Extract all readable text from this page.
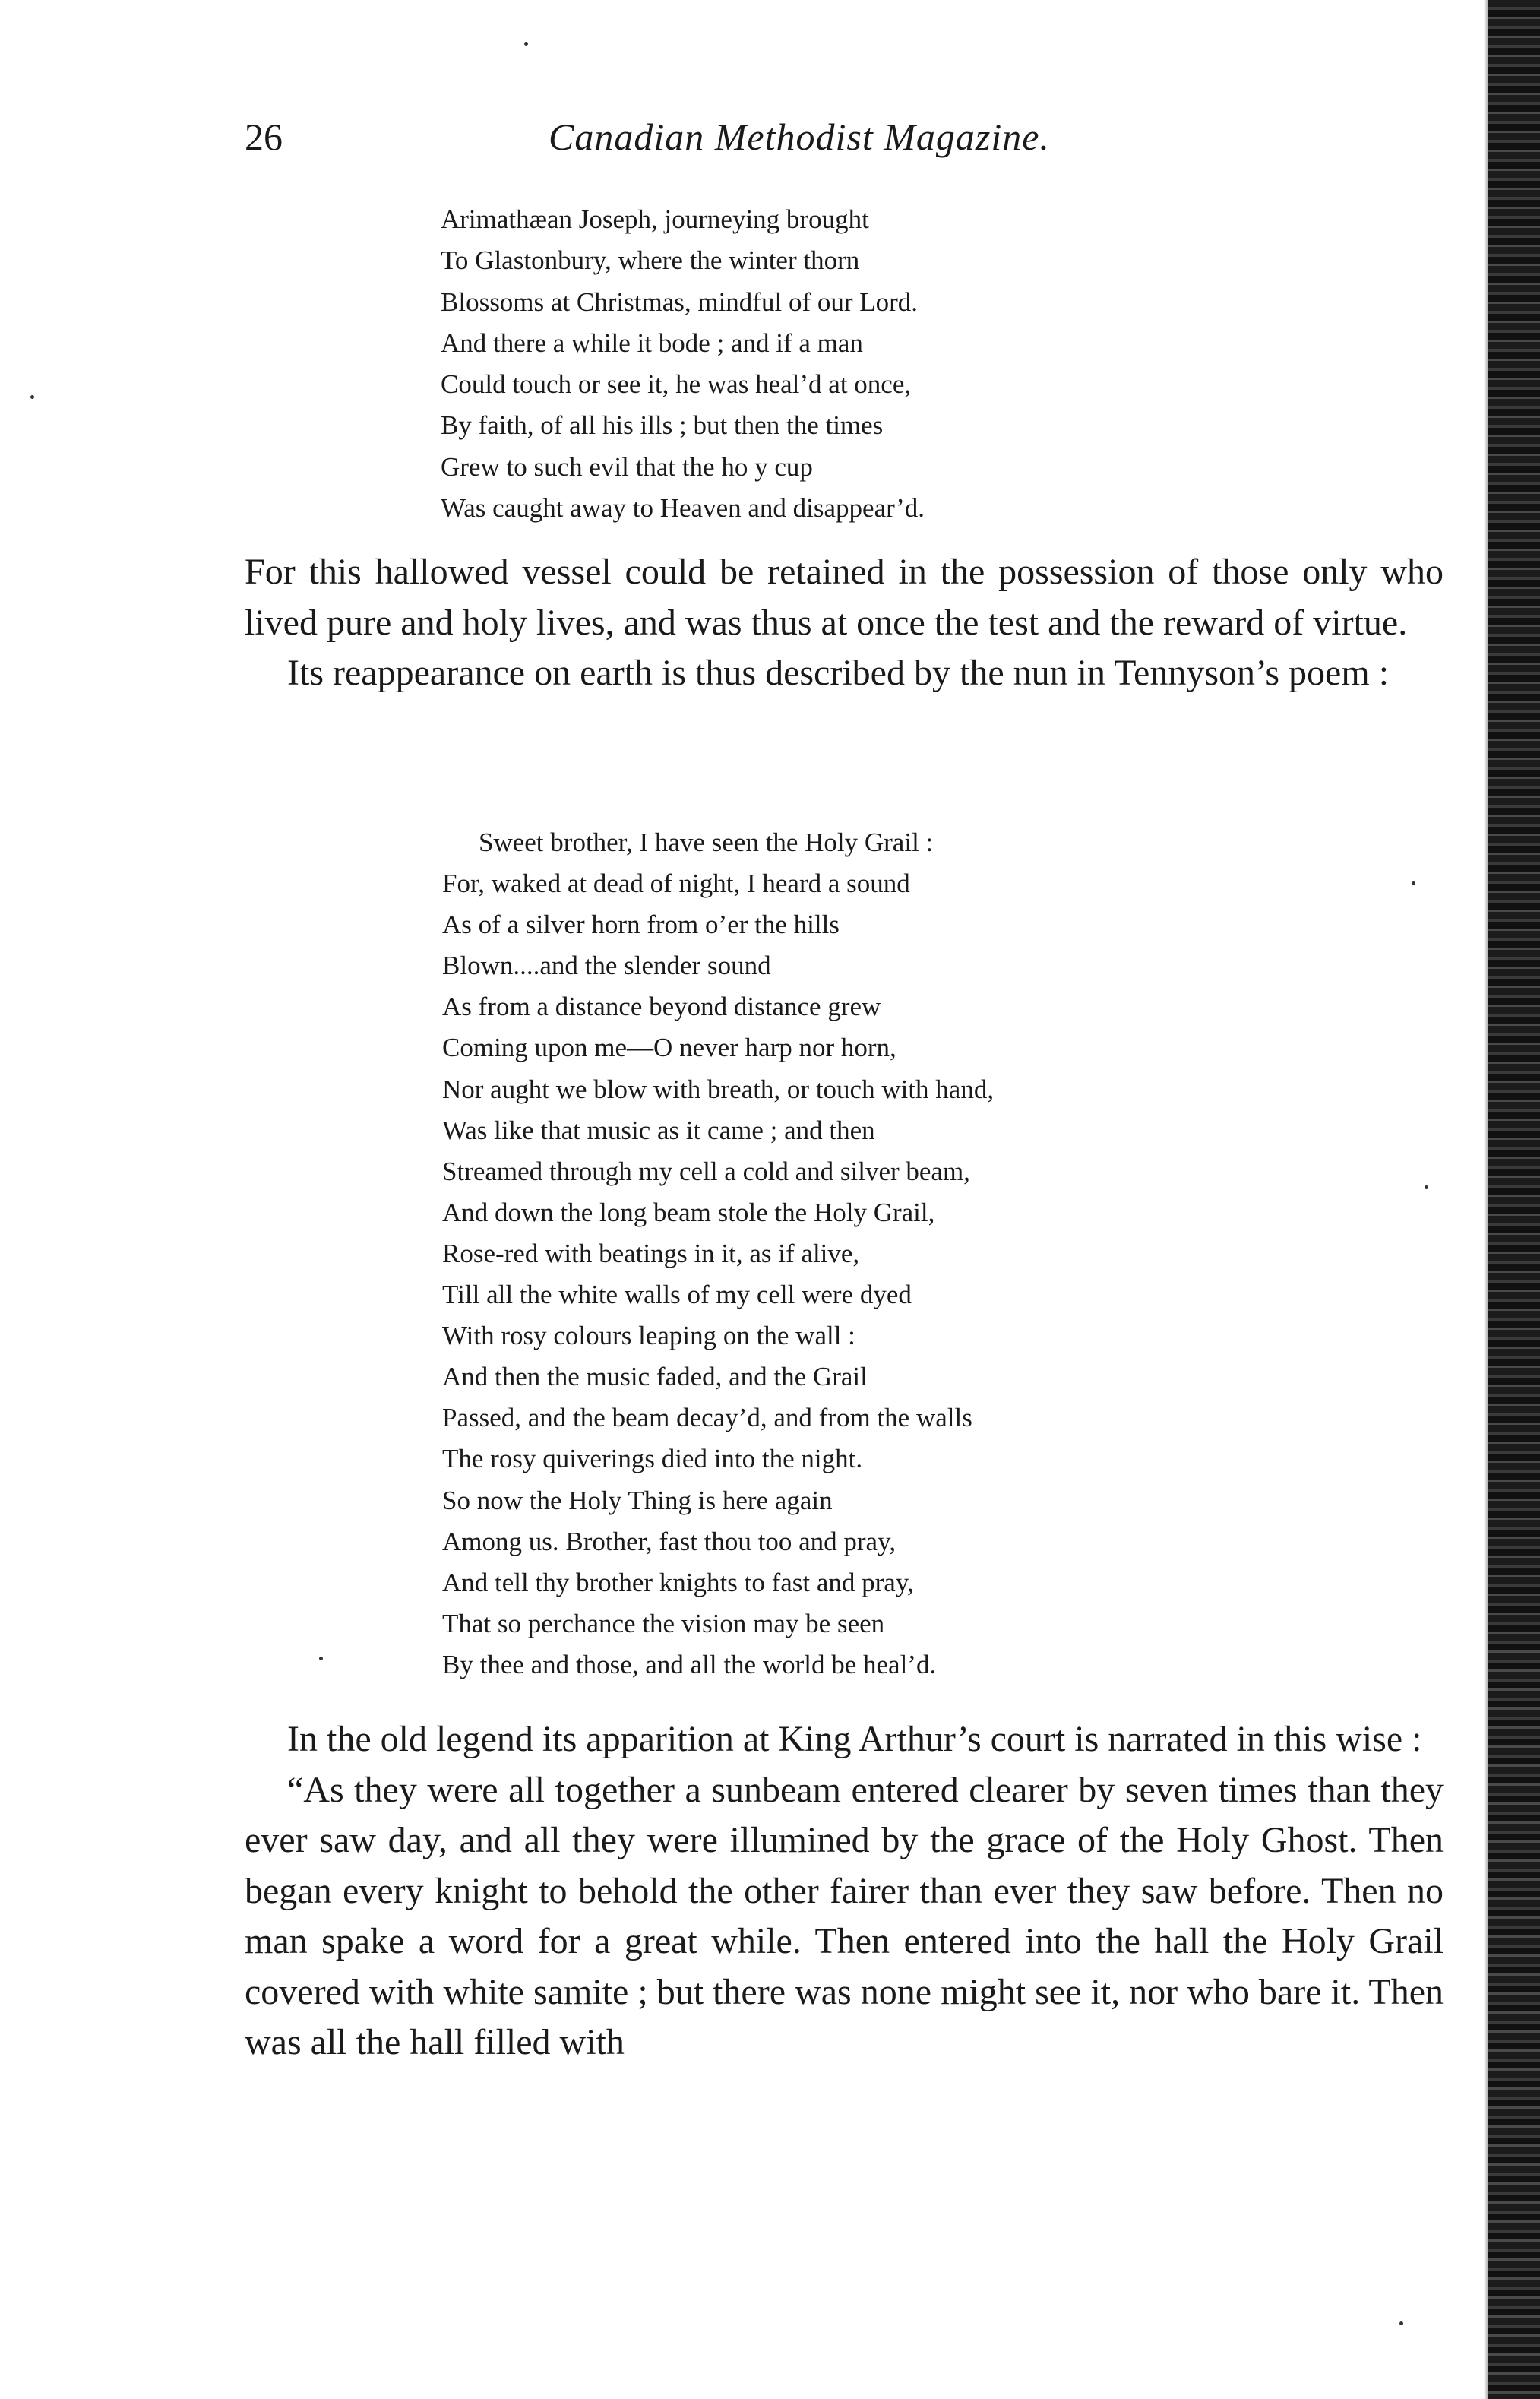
26	Canadian Methodist Magazine.
Arimathæan Joseph, journeying brought
To Glastonbury, where the winter thorn
Blossoms at Christmas, mindful of our Lord.
And there a while it bode ; and if a man
Could touch or see it, he was heal’d at once,
By faith, of all his ills ; but then the times
Grew to such evil that the ho y cup
Was caught away to Heaven and disappear’d.

For this hallowed vessel could be retained in the possession of those only who lived pure and holy lives, and was thus at once the test and the reward of virtue.

Its reappearance on earth is thus described by the nun in Tennyson’s poem :

Sweet brother, I have seen the Holy Grail :
For, waked at dead of night, I heard a sound
As of a silver horn from o’er the hills
Blown....and the slender sound
As from a distance beyond distance grew
Coming upon me—O never harp nor horn,
Nor aught we blow with breath, or touch with hand,
Was like that music as it came ; and then
Streamed through my cell a cold and silver beam,
And down the long beam stole the Holy Grail,
Rose-red with beatings in it, as if alive,
Till all the white walls of my cell were dyed
With rosy colours leaping on the wall :
And then the music faded, and the Grail
Passed, and the beam decay’d, and from the walls
The rosy quiverings died into the night.
So now the Holy Thing is here again
Among us. Brother, fast thou too and pray,
And tell thy brother knights to fast and pray,
That so perchance the vision may be seen
By thee and those, and all the world be heal’d.

In the old legend its apparition at King Arthur’s court is narrated in this wise :

“As they were all together a sunbeam entered clearer by seven times than they ever saw day, and all they were illumined by the grace of the Holy Ghost. Then began every knight to behold the other fairer than ever they saw before. Then no man spake a word for a great while. Then entered into the hall the Holy Grail covered with white samite ; but there was none might see it, nor who bare it. Then was all the hall filled with
